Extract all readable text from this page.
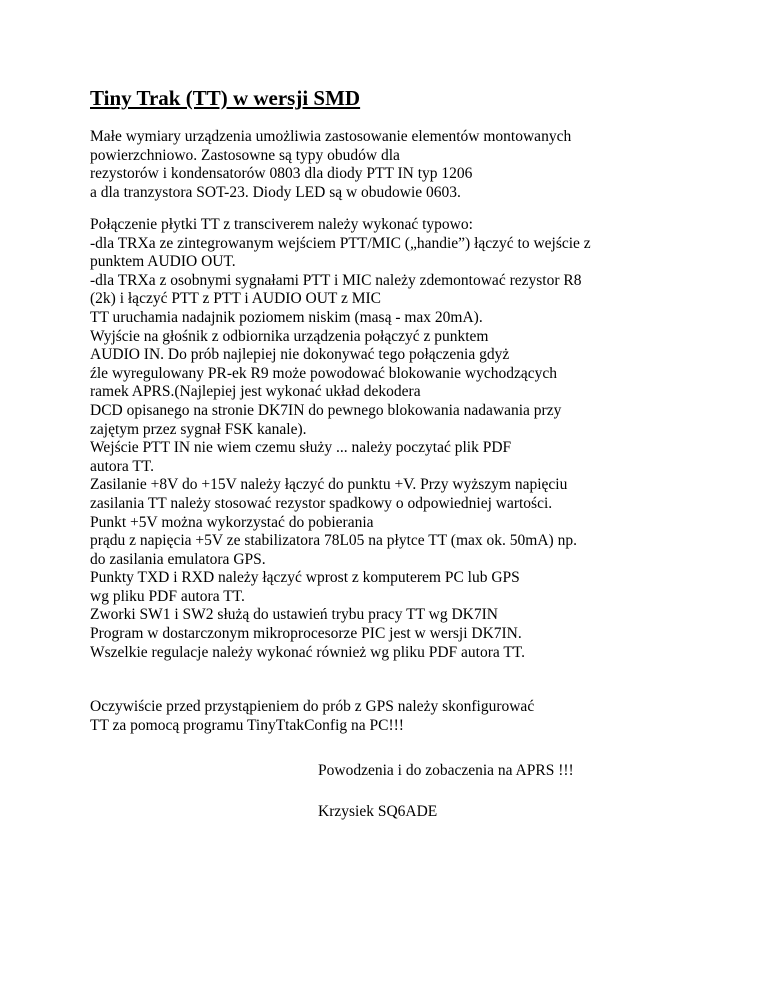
Tiny Trak (TT) w wersji SMD

Małe wymiary urządzenia umożliwia zastosowanie elementów montowanych
powierzchniowo. Zastosowne są typy obudów dla
rezystorów i kondensatorów 0803 dla diody PTT IN typ 1206
a dla tranzystora SOT-23. Diody LED są w obudowie 0603.

Połączenie płytki TT z transciverem należy wykonać typowo:
-dla TRXa ze zintegrowanym wejściem PTT/MIC („handie”) łączyć to wejście z
punktem AUDIO OUT.
-dla TRXa z osobnymi sygnałami PTT i MIC należy zdemontować rezystor R8
(2k) i łączyć PTT z PTT i AUDIO OUT z MIC
TT uruchamia nadajnik poziomem niskim (masą - max 20mA).
Wyjście na głośnik z odbiornika urządzenia połączyć z punktem
AUDIO IN. Do prób najlepiej nie dokonywać tego połączenia gdyż
źle wyregulowany PR-ek R9 może powodować blokowanie wychodzących
ramek APRS.(Najlepiej jest wykonać układ dekodera
DCD opisanego na stronie DK7IN do pewnego blokowania nadawania przy
zajętym przez sygnał FSK kanale).
Wejście PTT IN nie wiem czemu służy ... należy poczytać plik PDF
autora TT.
Zasilanie +8V do +15V należy łączyć do punktu +V. Przy wyższym napięciu
zasilania TT należy stosować rezystor spadkowy o odpowiedniej wartości.
Punkt +5V można wykorzystać do pobierania
prądu z napięcia +5V ze stabilizatora 78L05 na płytce TT (max ok. 50mA) np.
do zasilania emulatora GPS.
Punkty TXD i RXD należy łączyć wprost z komputerem PC lub GPS
wg pliku PDF autora TT.
Zworki SW1 i SW2 służą do ustawień trybu pracy TT wg DK7IN
Program w dostarczonym mikroprocesorze PIC jest w wersji DK7IN.
Wszelkie regulacje należy wykonać również wg pliku PDF autora TT.

Oczywiście przed przystąpieniem do prób z GPS należy skonfigurować
TT za pomocą programu TinyTtakConfig na PC!!!

Powodzenia i do zobaczenia na APRS !!!

Krzysiek SQ6ADE
